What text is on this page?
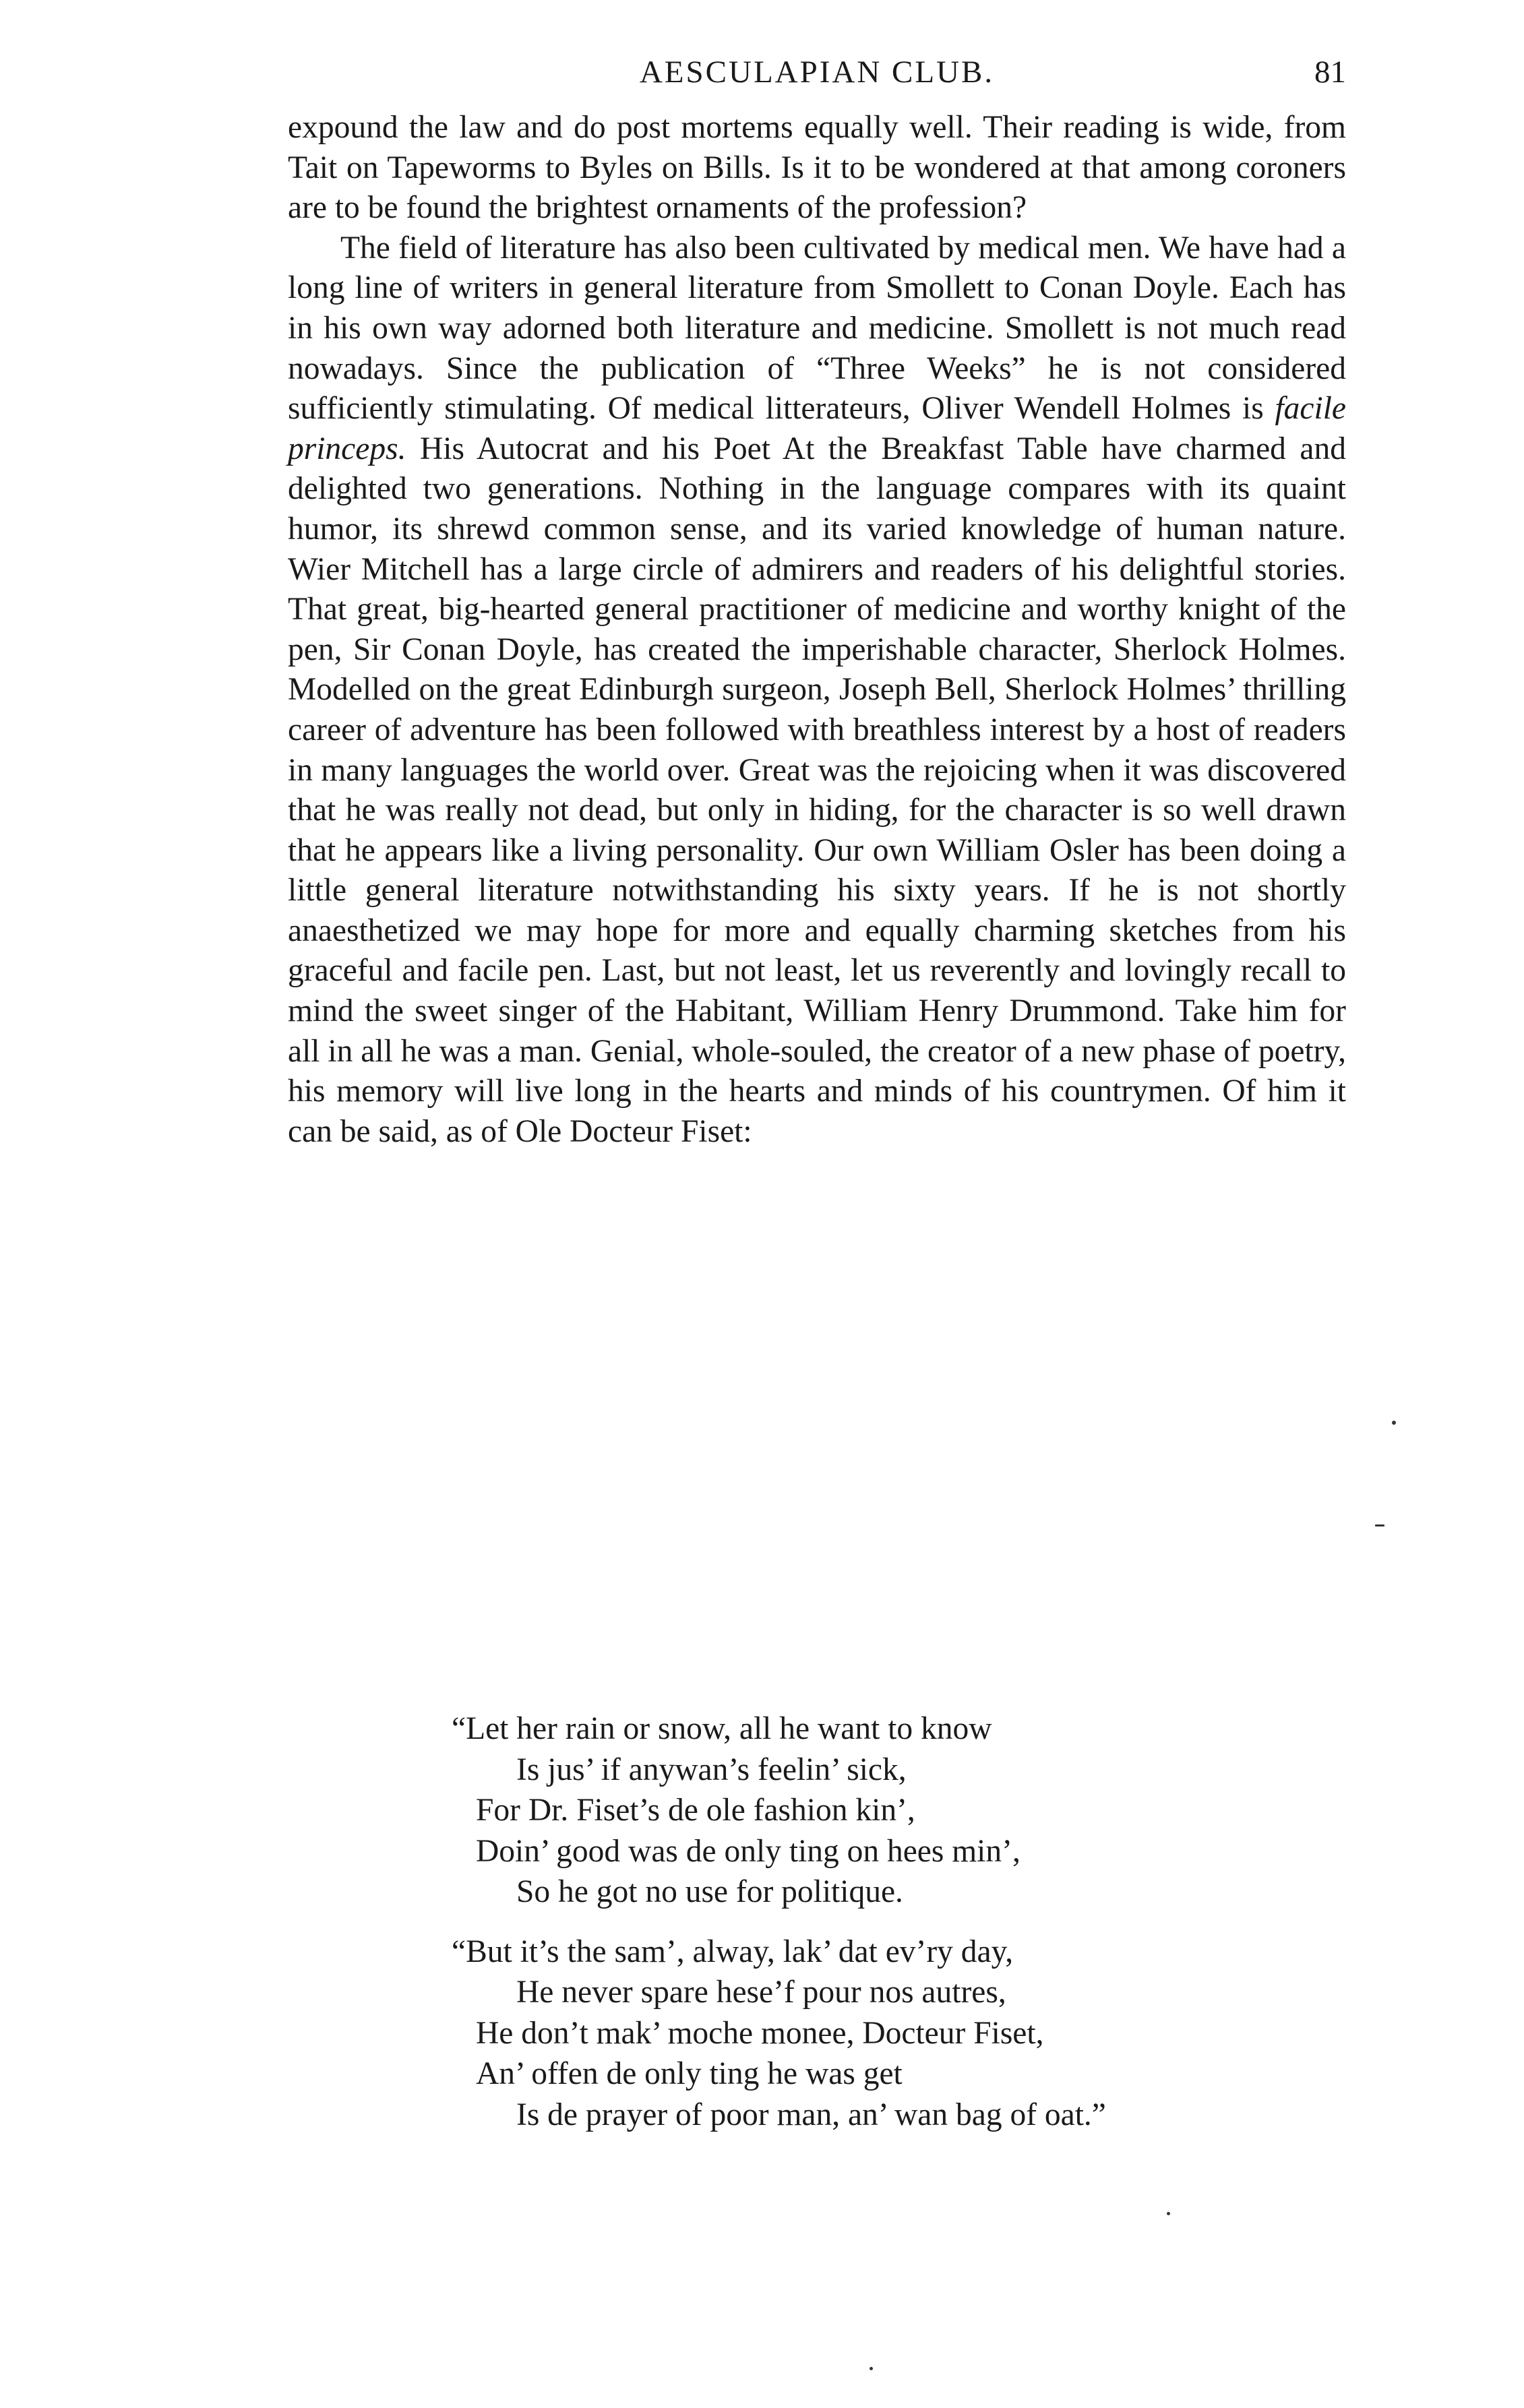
AESCULAPIAN CLUB.	81

expound the law and do post mortems equally well. Their reading is wide, from Tait on Tapeworms to Byles on Bills. Is it to be wondered at that among coroners are to be found the brightest ornaments of the profession?

The field of literature has also been cultivated by medical men. We have had a long line of writers in general literature from Smollett to Conan Doyle. Each has in his own way adorned both literature and medicine. Smollett is not much read nowadays. Since the publication of “Three Weeks” he is not considered sufficiently stimulating. Of medical litterateurs, Oliver Wendell Holmes is facile princeps. His Autocrat and his Poet At the Breakfast Table have charmed and delighted two generations. Nothing in the language compares with its quaint humor, its shrewd common sense, and its varied knowledge of human nature. Wier Mitchell has a large circle of admirers and readers of his delightful stories. That great, big-hearted general practitioner of medicine and worthy knight of the pen, Sir Conan Doyle, has created the imperishable character, Sherlock Holmes. Modelled on the great Edinburgh surgeon, Joseph Bell, Sherlock Holmes’ thrilling career of adventure has been followed with breathless interest by a host of readers in many languages the world over. Great was the rejoicing when it was discovered that he was really not dead, but only in hiding, for the character is so well drawn that he appears like a living personality. Our own William Osler has been doing a little general literature notwithstanding his sixty years. If he is not shortly anaesthetized we may hope for more and equally charming sketches from his graceful and facile pen. Last, but not least, let us reverently and lovingly recall to mind the sweet singer of the Habitant, William Henry Drummond. Take him for all in all he was a man. Genial, whole-souled, the creator of a new phase of poetry, his memory will live long in the hearts and minds of his countrymen. Of him it can be said, as of Ole Docteur Fiset:

“Let her rain or snow, all he want to know
Is jus’ if anywan’s feelin’ sick,
For Dr. Fiset’s de ole fashion kin’,
Doin’ good was de only ting on hees min’,
So he got no use for politique.
“But it’s the sam’, alway, lak’ dat ev’ry day,
He never spare hese’f pour nos autres,
He don’t mak’ moche monee, Docteur Fiset,
An’ offen de only ting he was get
Is de prayer of poor man, an’ wan bag of oat.”
